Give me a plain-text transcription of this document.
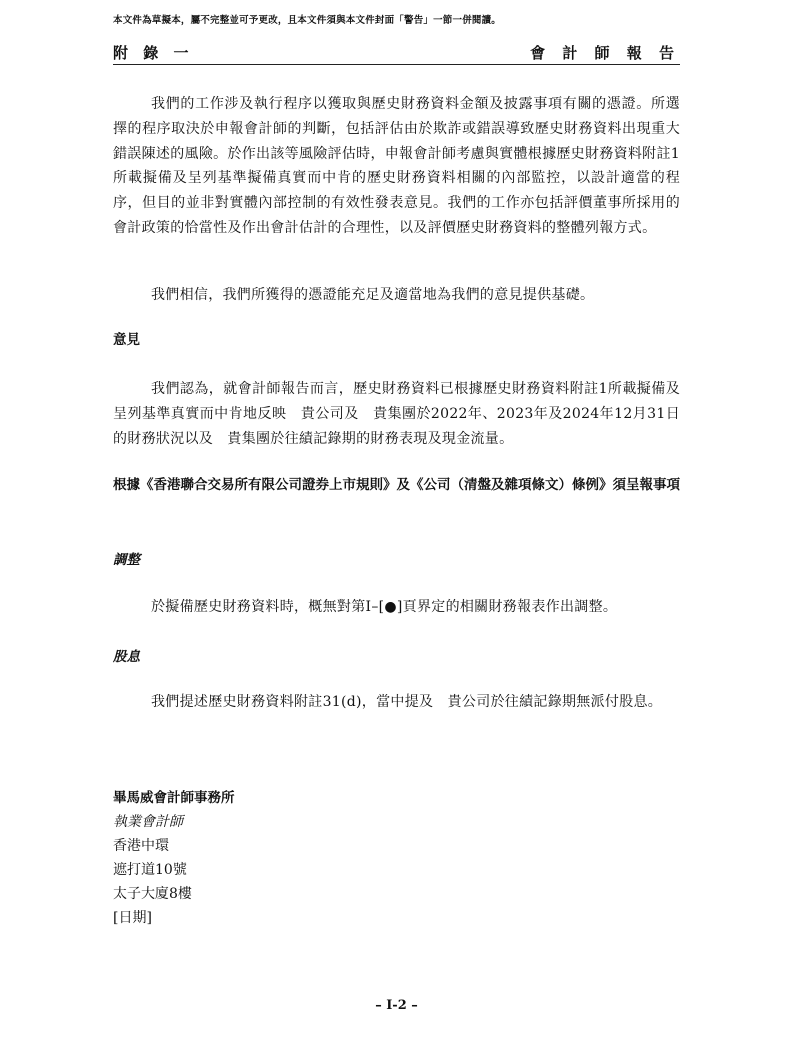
本文件為草擬本，屬不完整並可予更改，且本文件須與本文件封面「警告」一節一併閱讀。
附 錄 一	會 計 師 報 告

我們的工作涉及執行程序以獲取與歷史財務資料金額及披露事項有關的憑證。所選擇的程序取決於申報會計師的判斷，包括評估由於欺詐或錯誤導致歷史財務資料出現重大錯誤陳述的風險。於作出該等風險評估時，申報會計師考慮與實體根據歷史財務資料附註1所載擬備及呈列基準擬備真實而中肯的歷史財務資料相關的內部監控，以設計適當的程序，但目的並非對實體內部控制的有效性發表意見。我們的工作亦包括評價董事所採用的會計政策的恰當性及作出會計估計的合理性，以及評價歷史財務資料的整體列報方式。

我們相信，我們所獲得的憑證能充足及適當地為我們的意見提供基礎。

意見

我們認為，就會計師報告而言，歷史財務資料已根據歷史財務資料附註1所載擬備及呈列基準真實而中肯地反映　貴公司及　貴集團於2022年、2023年及2024年12月31日的財務狀況以及　貴集團於往績記錄期的財務表現及現金流量。

根據《香港聯合交易所有限公司證券上市規則》及《公司（清盤及雜項條文）條例》須呈報事項

調整

於擬備歷史財務資料時，概無對第I–[●]頁界定的相關財務報表作出調整。

股息

我們提述歷史財務資料附註31(d)，當中提及　貴公司於往績記錄期無派付股息。

畢馬威會計師事務所
執業會計師
香港中環
遮打道10號
太子大廈8樓
[日期]
– I-2 –
